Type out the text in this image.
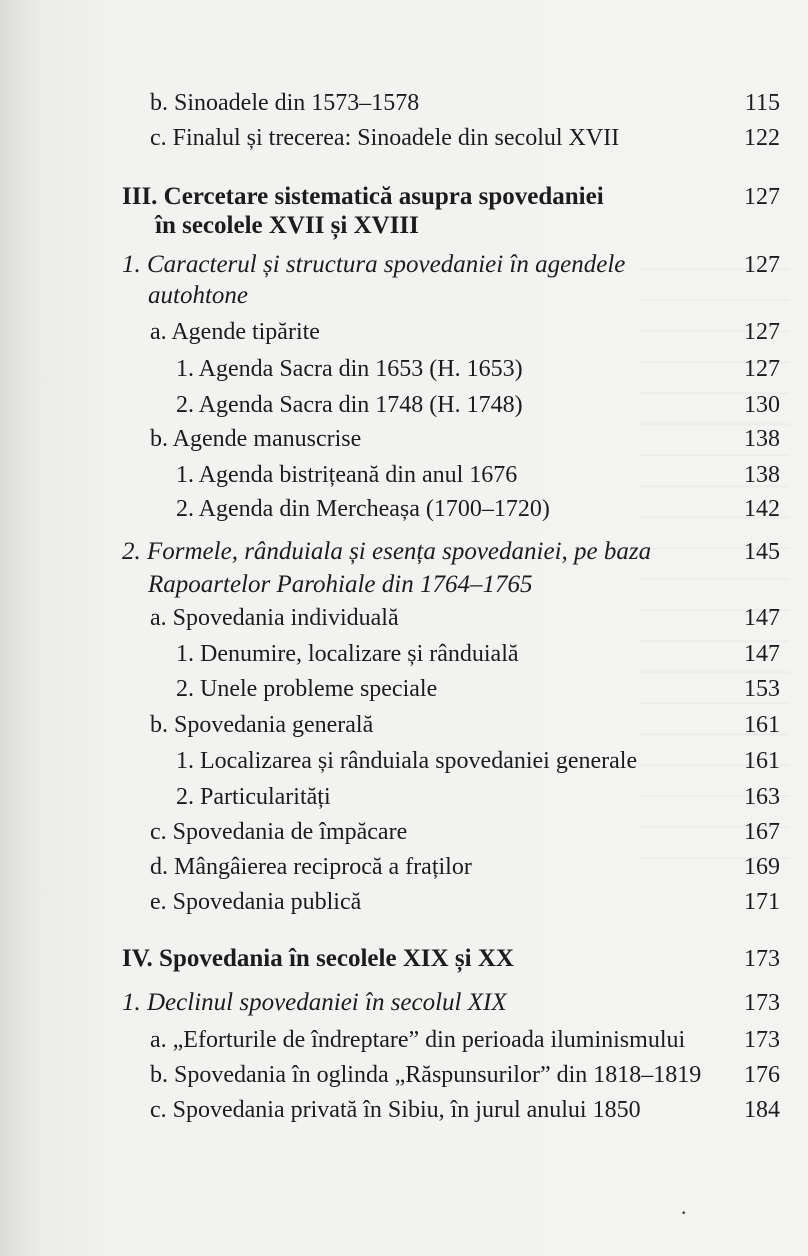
b. Sinoadele din 1573–1578	115
c. Finalul și trecerea: Sinoadele din secolul XVII	122
III. Cercetare sistematică asupra spovedaniei
în secolele XVII și XVIII
127
1. Caracterul și structura spovedaniei în agendele
autohtone
127
a. Agende tipărite	127
1. Agenda Sacra din 1653 (H. 1653)	127
2. Agenda Sacra din 1748 (H. 1748)	130
b. Agende manuscrise	138
1. Agenda bistrițeană din anul 1676	138
2. Agenda din Mercheașa (1700–1720)	142
2. Formele, rânduiala și esența spovedaniei, pe baza
Rapoartelor Parohiale din 1764–1765
145
a. Spovedania individuală	147
1. Denumire, localizare și rânduială	147
2. Unele probleme speciale	153
b. Spovedania generală	161
1. Localizarea și rânduiala spovedaniei generale	161
2. Particularități	163
c. Spovedania de împăcare	167
d. Mângâierea reciprocă a fraților	169
e. Spovedania publică	171
IV. Spovedania în secolele XIX și XX	173
1. Declinul spovedaniei în secolul XIX	173
a. „Eforturile de îndreptare” din perioada iluminismului 173
b. Spovedania în oglinda „Răspunsurilor” din 1818–1819 176
c. Spovedania privată în Sibiu, în jurul anului 1850	184
·
